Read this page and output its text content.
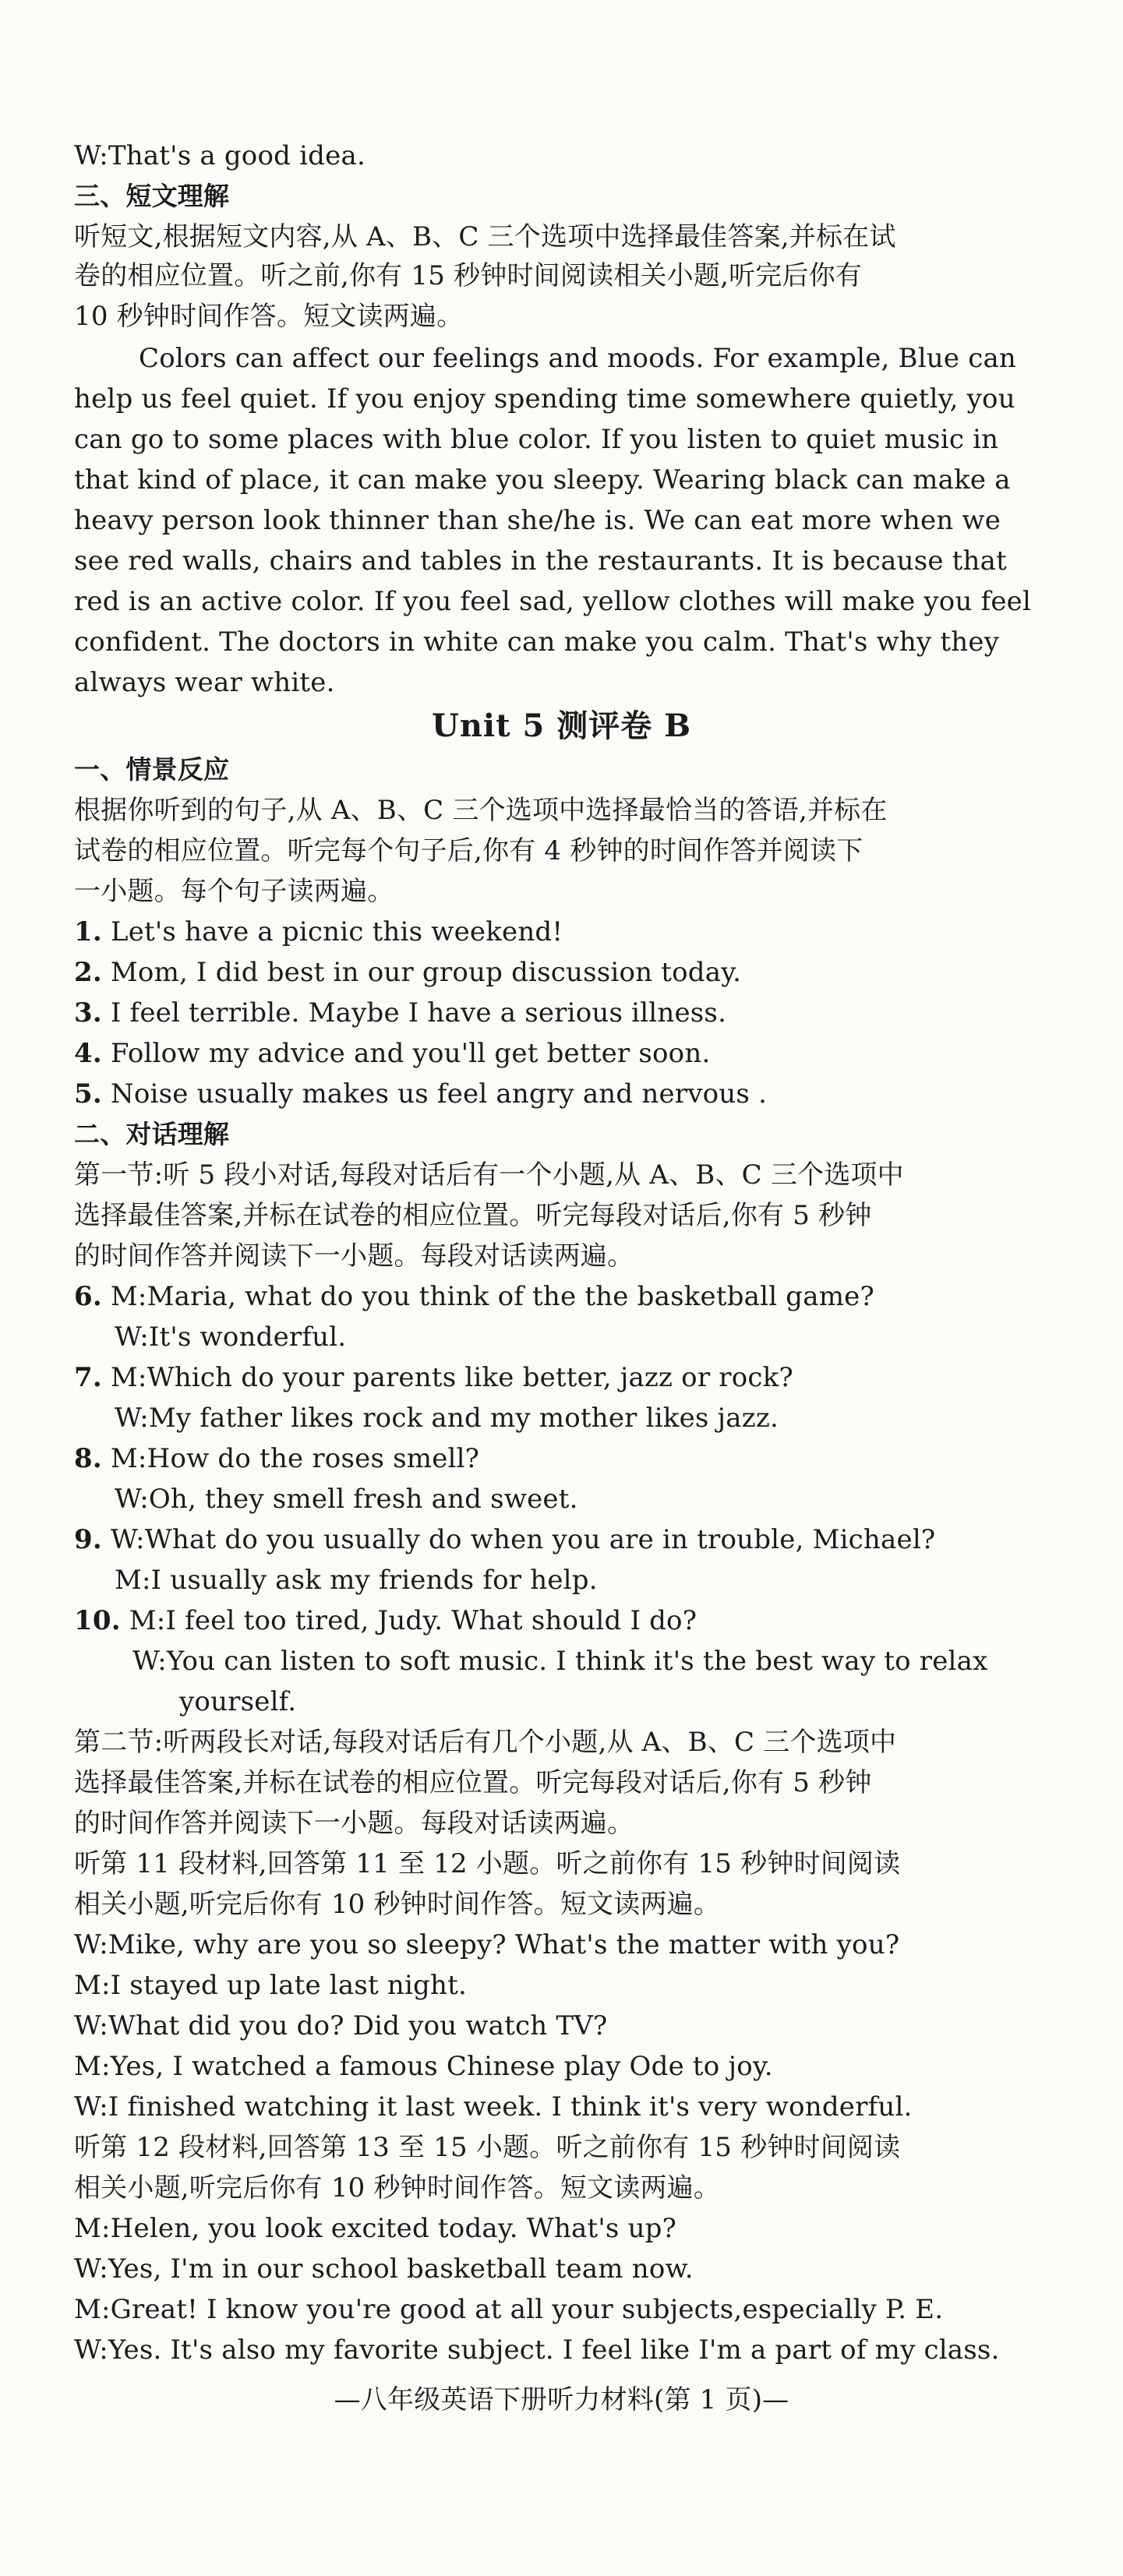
W:That's a good idea.
三、短文理解
听短文,根据短文内容,从 A、B、C 三个选项中选择最佳答案,并标在试
卷的相应位置。听之前,你有 15 秒钟时间阅读相关小题,听完后你有
10 秒钟时间作答。短文读两遍。
Colors can affect our feelings and moods. For example, Blue can
help us feel quiet. If you enjoy spending time somewhere quietly, you
can go to some places with blue color. If you listen to quiet music in
that kind of place, it can make you sleepy. Wearing black can make a
heavy person look thinner than she/he is. We can eat more when we
see red walls, chairs and tables in the restaurants. It is because that
red is an active color. If you feel sad, yellow clothes will make you feel
confident. The doctors in white can make you calm. That's why they
always wear white.
Unit 5 测评卷 B
一、情景反应
根据你听到的句子,从 A、B、C 三个选项中选择最恰当的答语,并标在
试卷的相应位置。听完每个句子后,你有 4 秒钟的时间作答并阅读下
一小题。每个句子读两遍。
1. Let's have a picnic this weekend!
2. Mom, I did best in our group discussion today.
3. I feel terrible. Maybe I have a serious illness.
4. Follow my advice and you'll get better soon.
5. Noise usually makes us feel angry and nervous .
二、对话理解
第一节:听 5 段小对话,每段对话后有一个小题,从 A、B、C 三个选项中
选择最佳答案,并标在试卷的相应位置。听完每段对话后,你有 5 秒钟
的时间作答并阅读下一小题。每段对话读两遍。
6. M:Maria, what do you think of the the basketball game?
W:It's wonderful.
7. M:Which do your parents like better, jazz or rock?
W:My father likes rock and my mother likes jazz.
8. M:How do the roses smell?
W:Oh, they smell fresh and sweet.
9. W:What do you usually do when you are in trouble, Michael?
M:I usually ask my friends for help.
10. M:I feel too tired, Judy. What should I do?
W:You can listen to soft music. I think it's the best way to relax
yourself.
第二节:听两段长对话,每段对话后有几个小题,从 A、B、C 三个选项中
选择最佳答案,并标在试卷的相应位置。听完每段对话后,你有 5 秒钟
的时间作答并阅读下一小题。每段对话读两遍。
听第 11 段材料,回答第 11 至 12 小题。听之前你有 15 秒钟时间阅读
相关小题,听完后你有 10 秒钟时间作答。短文读两遍。
W:Mike, why are you so sleepy? What's the matter with you?
M:I stayed up late last night.
W:What did you do? Did you watch TV?
M:Yes, I watched a famous Chinese play Ode to joy.
W:I finished watching it last week. I think it's very wonderful.
听第 12 段材料,回答第 13 至 15 小题。听之前你有 15 秒钟时间阅读
相关小题,听完后你有 10 秒钟时间作答。短文读两遍。
M:Helen, you look excited today. What's up?
W:Yes, I'm in our school basketball team now.
M:Great! I know you're good at all your subjects,especially P. E.
W:Yes. It's also my favorite subject. I feel like I'm a part of my class.
—八年级英语下册听力材料(第 1 页)—
